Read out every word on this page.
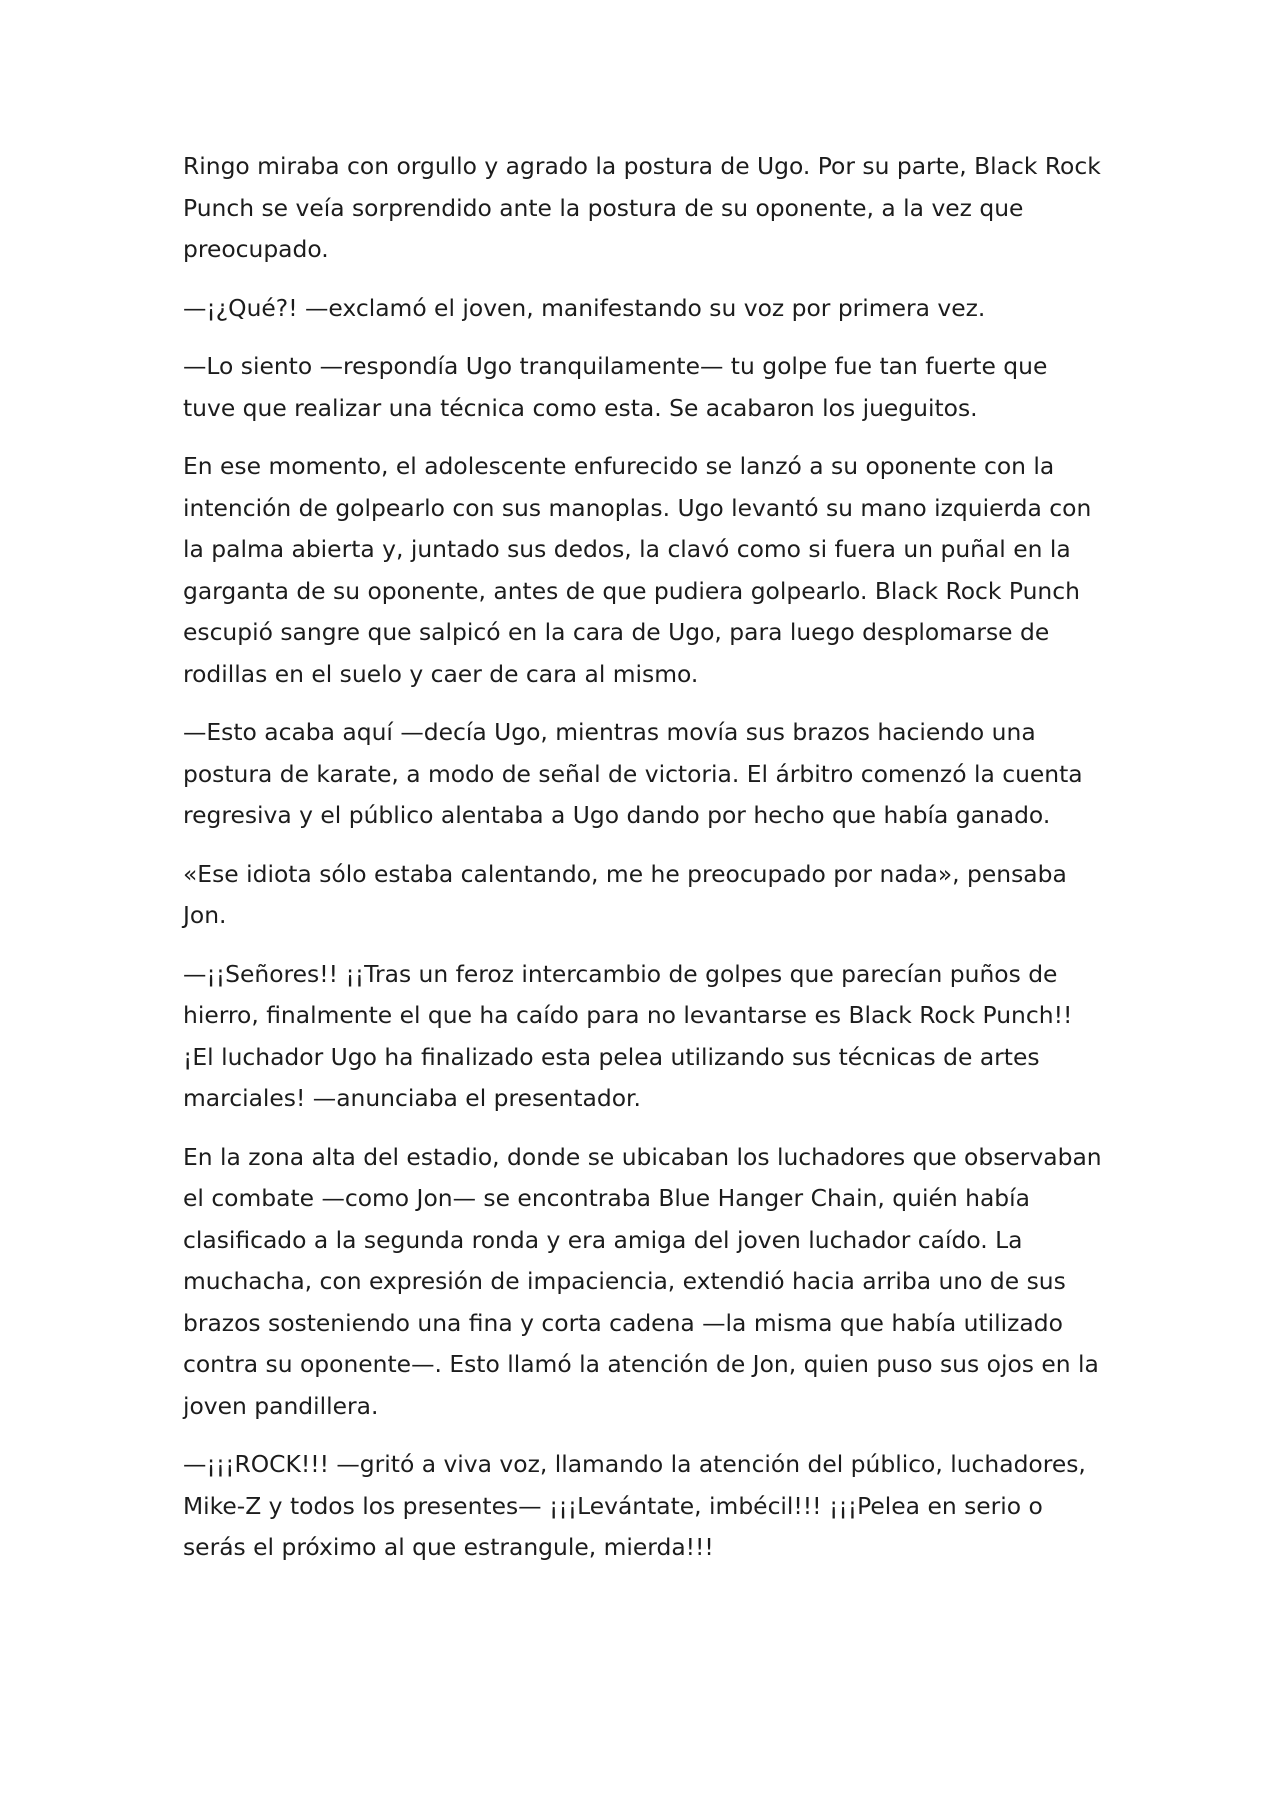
Ringo miraba con orgullo y agrado la postura de Ugo. Por su parte, Black Rock Punch se veía sorprendido ante la postura de su oponente, a la vez que preocupado.

—¡¿Qué?! —exclamó el joven, manifestando su voz por primera vez.

—Lo siento —respondía Ugo tranquilamente— tu golpe fue tan fuerte que tuve que realizar una técnica como esta. Se acabaron los jueguitos.

En ese momento, el adolescente enfurecido se lanzó a su oponente con la intención de golpearlo con sus manoplas. Ugo levantó su mano izquierda con la palma abierta y, juntado sus dedos, la clavó como si fuera un puñal en la garganta de su oponente, antes de que pudiera golpearlo. Black Rock Punch escupió sangre que salpicó en la cara de Ugo, para luego desplomarse de rodillas en el suelo y caer de cara al mismo.

—Esto acaba aquí —decía Ugo, mientras movía sus brazos haciendo una postura de karate, a modo de señal de victoria. El árbitro comenzó la cuenta regresiva y el público alentaba a Ugo dando por hecho que había ganado.

«Ese idiota sólo estaba calentando, me he preocupado por nada», pensaba Jon.

—¡¡Señores!! ¡¡Tras un feroz intercambio de golpes que parecían puños de hierro, finalmente el que ha caído para no levantarse es Black Rock Punch!! ¡El luchador Ugo ha finalizado esta pelea utilizando sus técnicas de artes marciales! —anunciaba el presentador.

En la zona alta del estadio, donde se ubicaban los luchadores que observaban el combate —como Jon— se encontraba Blue Hanger Chain, quién había clasificado a la segunda ronda y era amiga del joven luchador caído. La muchacha, con expresión de impaciencia, extendió hacia arriba uno de sus brazos sosteniendo una fina y corta cadena —la misma que había utilizado contra su oponente—. Esto llamó la atención de Jon, quien puso sus ojos en la joven pandillera.

—¡¡¡ROCK!!! —gritó a viva voz, llamando la atención del público, luchadores, Mike-Z y todos los presentes— ¡¡¡Levántate, imbécil!!! ¡¡¡Pelea en serio o serás el próximo al que estrangule, mierda!!!
